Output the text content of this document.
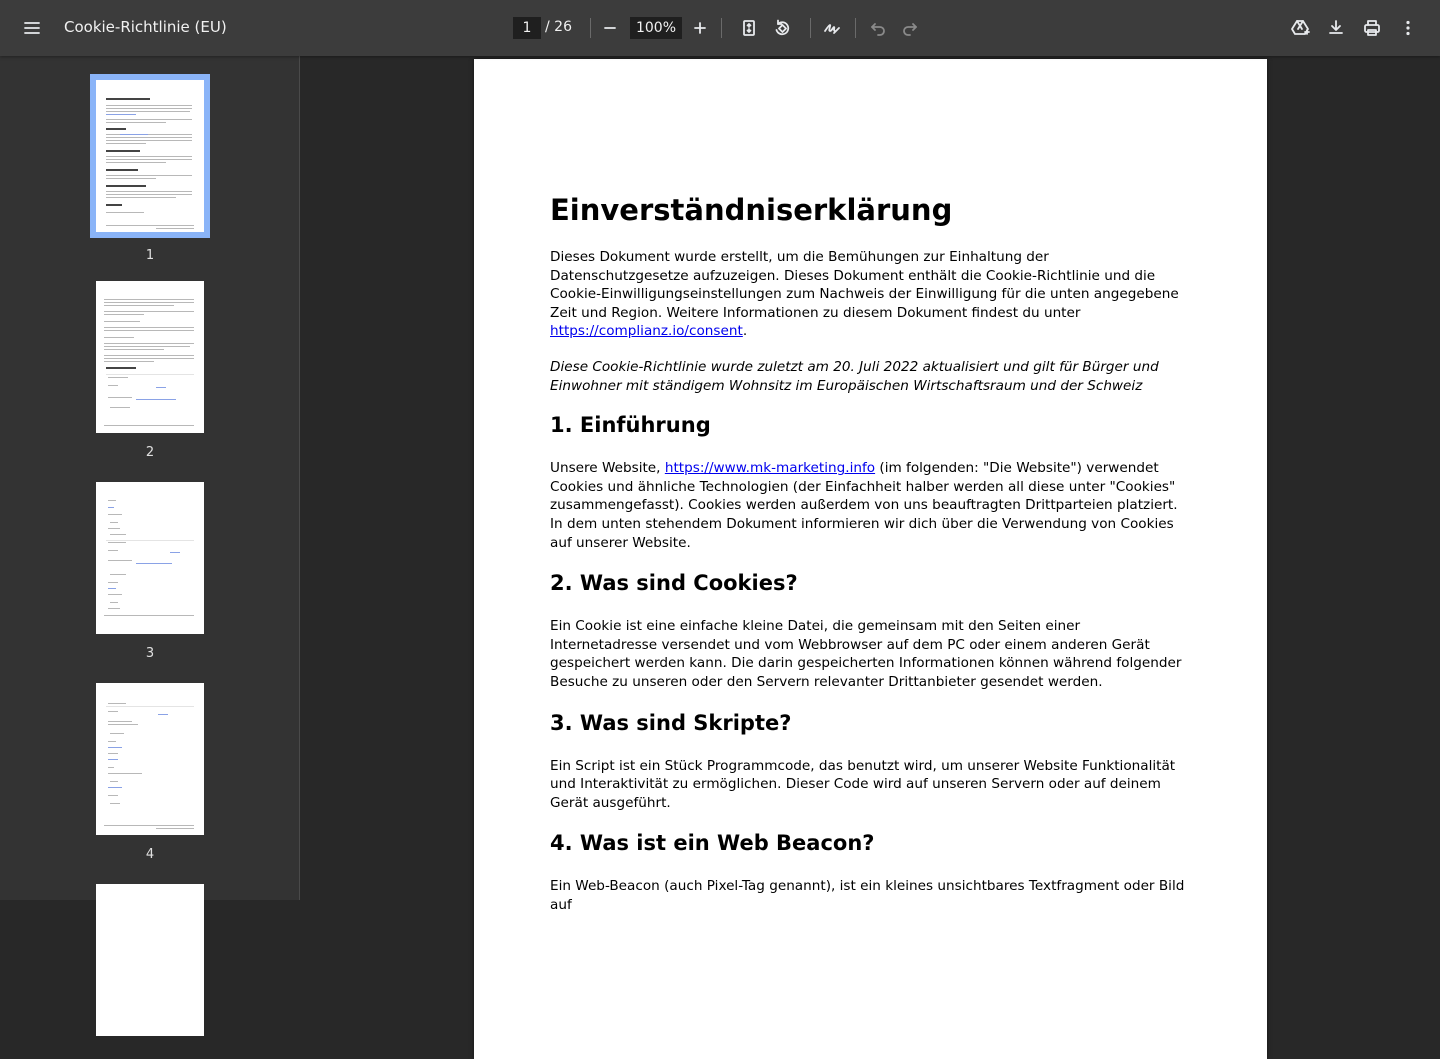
Cookie-Richtlinie (EU)
1	/ 26
100%
1
2
3
4
Einverständniserklärung

Dieses Dokument wurde erstellt, um die Bemühungen zur Einhaltung der Datenschutzgesetze aufzuzeigen. Dieses Dokument enthält die Cookie-Richtlinie und die Cookie-Einwilligungseinstellungen zum Nachweis der Einwilligung für die unten angegebene Zeit und Region. Weitere Informationen zu diesem Dokument findest du unter https://complianz.io/consent.

Diese Cookie-Richtlinie wurde zuletzt am 20. Juli 2022 aktualisiert und gilt für Bürger und Einwohner mit ständigem Wohnsitz im Europäischen Wirtschaftsraum und der Schweiz

1. Einführung

Unsere Website, https://www.mk-marketing.info (im folgenden: "Die Website") verwendet Cookies und ähnliche Technologien (der Einfachheit halber werden all diese unter "Cookies" zusammengefasst). Cookies werden außerdem von uns beauftragten Drittparteien platziert. In dem unten stehendem Dokument informieren wir dich über die Verwendung von Cookies auf unserer Website.

2. Was sind Cookies?

Ein Cookie ist eine einfache kleine Datei, die gemeinsam mit den Seiten einer Internetadresse versendet und vom Webbrowser auf dem PC oder einem anderen Gerät gespeichert werden kann. Die darin gespeicherten Informationen können während folgender Besuche zu unseren oder den Servern relevanter Drittanbieter gesendet werden.

3. Was sind Skripte?

Ein Script ist ein Stück Programmcode, das benutzt wird, um unserer Website Funktionalität und Interaktivität zu ermöglichen. Dieser Code wird auf unseren Servern oder auf deinem Gerät ausgeführt.

4. Was ist ein Web Beacon?

Ein Web-Beacon (auch Pixel-Tag genannt), ist ein kleines unsichtbares Textfragment oder Bild auf
